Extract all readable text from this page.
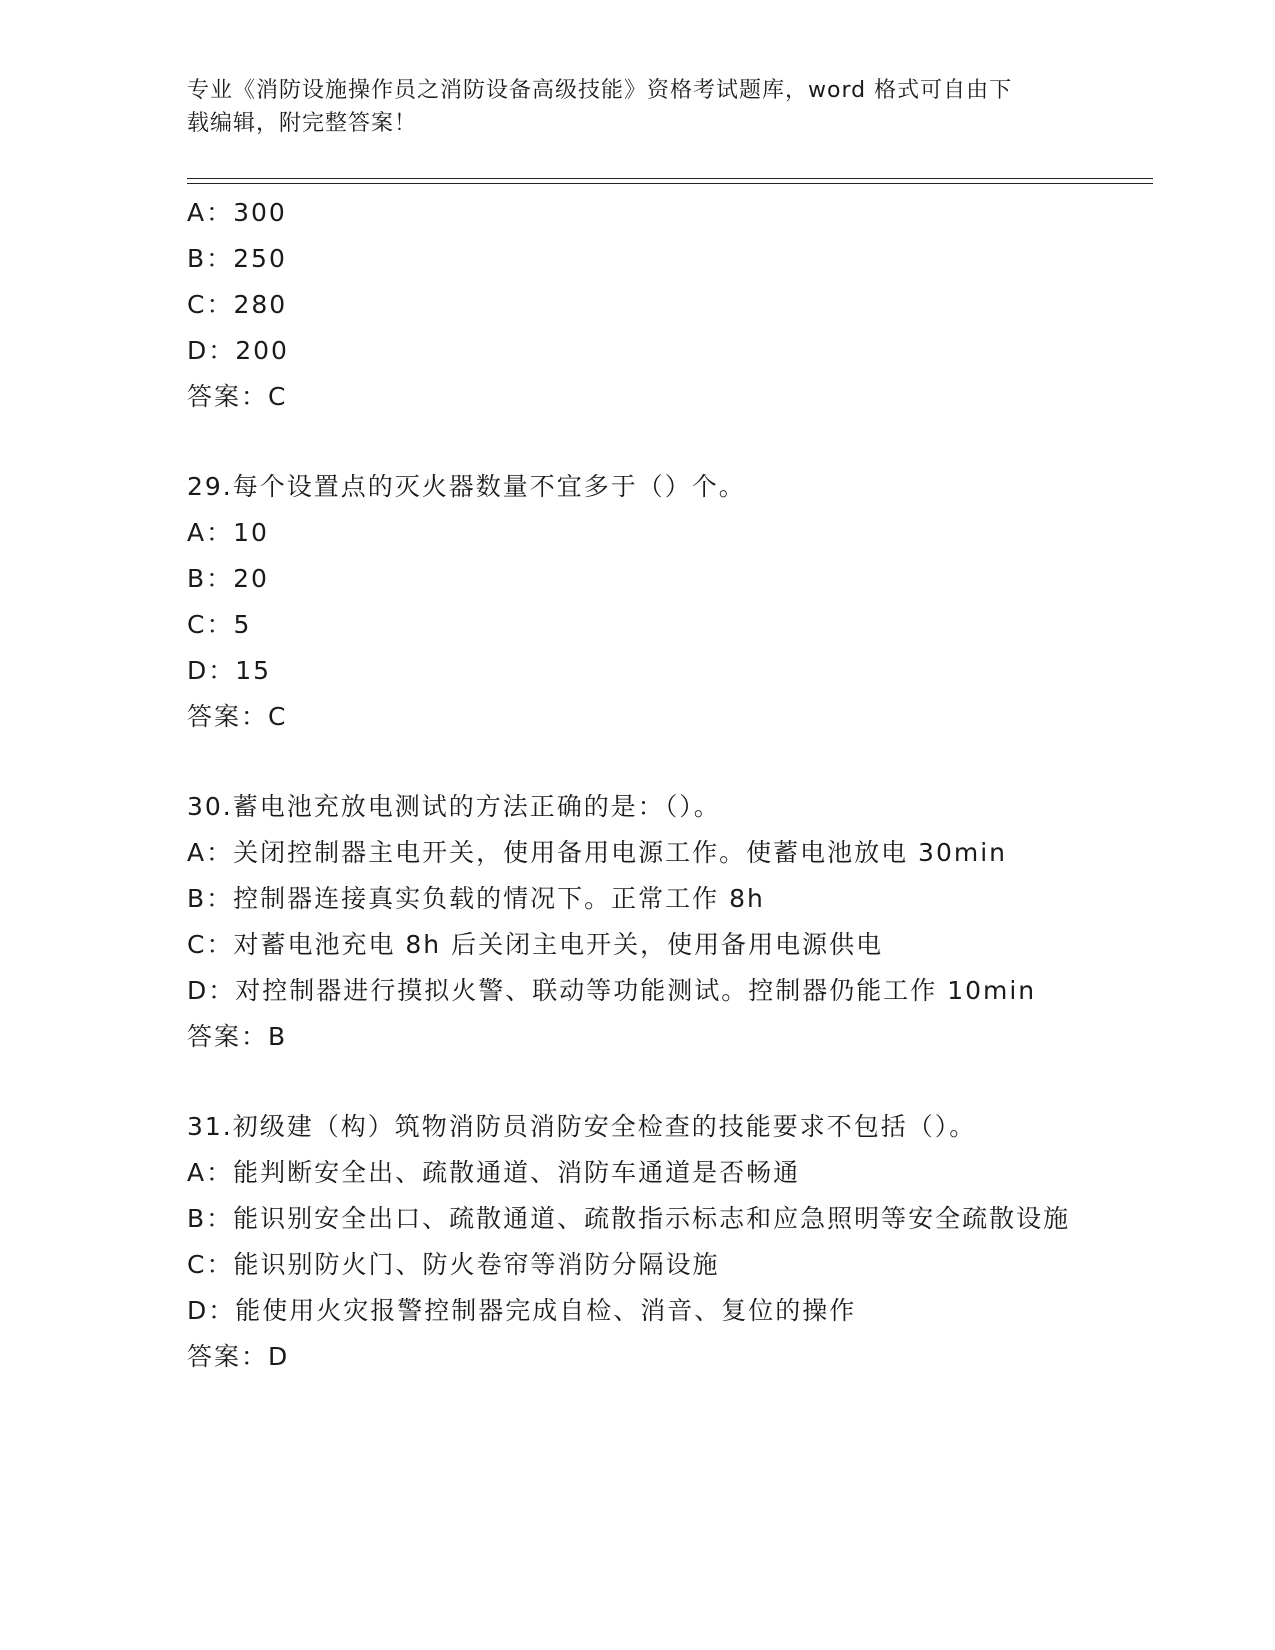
专业《消防设施操作员之消防设备高级技能》资格考试题库，word 格式可自由下
载编辑，附完整答案！
A：300
B：250
C：280
D：200
答案：C
29.每个设置点的灭火器数量不宜多于（）个。
A：10
B：20
C：5
D：15
答案：C
30.蓄电池充放电测试的方法正确的是：（）。
A：关闭控制器主电开关，使用备用电源工作。使蓄电池放电 30min
B：控制器连接真实负载的情况下。正常工作 8h
C：对蓄电池充电 8h 后关闭主电开关，使用备用电源供电
D：对控制器进行摸拟火警、联动等功能测试。控制器仍能工作 10min
答案：B
31.初级建（构）筑物消防员消防安全检查的技能要求不包括（）。
A：能判断安全出、疏散通道、消防车通道是否畅通
B：能识别安全出口、疏散通道、疏散指示标志和应急照明等安全疏散设施
C：能识别防火门、防火卷帘等消防分隔设施
D：能使用火灾报警控制器完成自检、消音、复位的操作
答案：D
